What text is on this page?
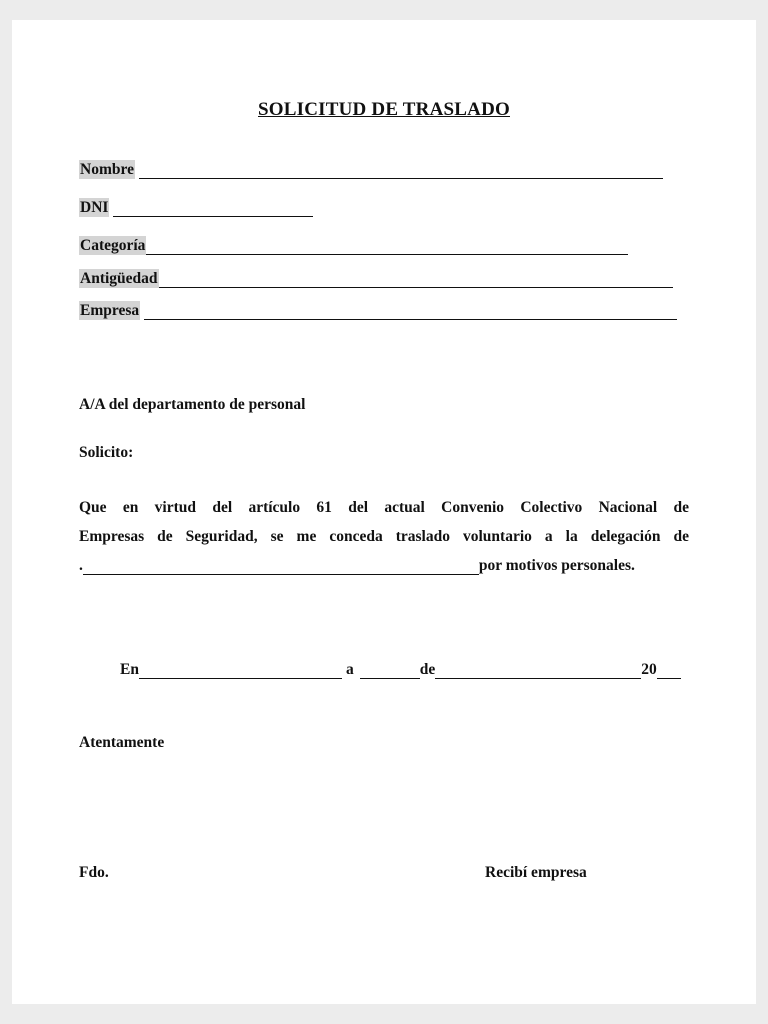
SOLICITUD DE TRASLADO
Nombre
DNI
Categoría
Antigüedad
Empresa
A/A del departamento de personal
Solicito:
Que en virtud del artículo 61 del actual Convenio Colectivo Nacional de
Empresas de Seguridad, se me conceda traslado voluntario a la delegación de
.	por motivos personales.
En	a	de	20
Atentamente
Fdo.	Recibí empresa
